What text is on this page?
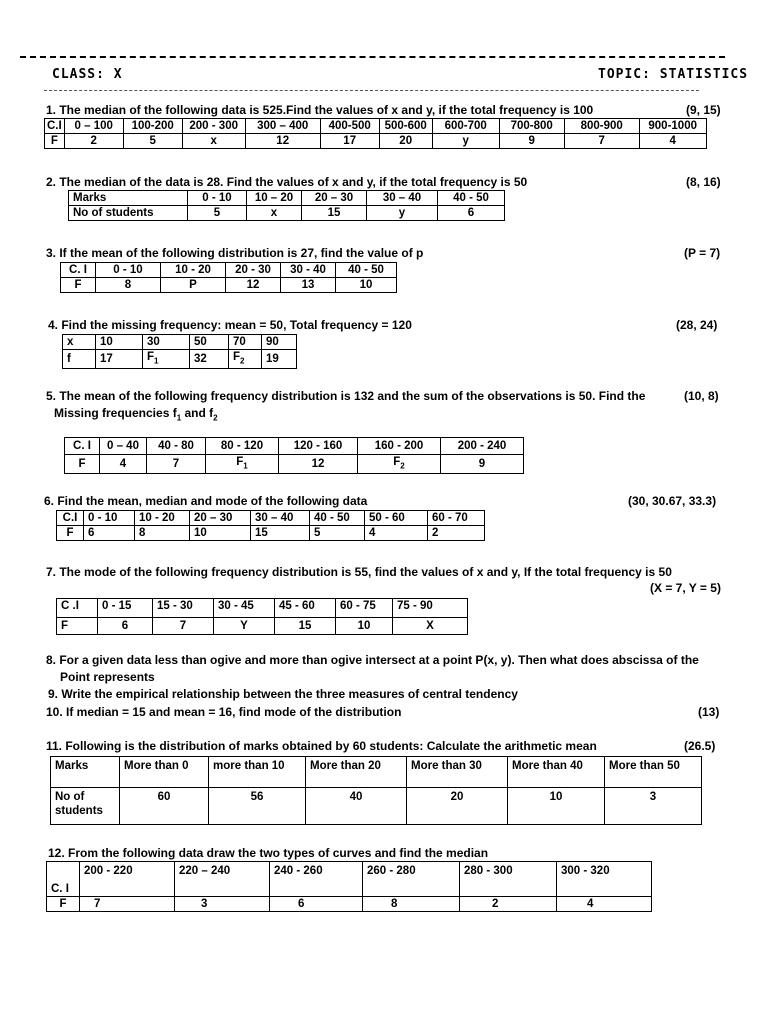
CLASS: X	TOPIC: STATISTICS
1. The median of the following data is 525.Find the values of x and y, if the total frequency is 100	(9, 15)
C.I	0 – 100	100-200	200 - 300	300 – 400	400-500	500-600	600-700	700-800	800-900	900-1000
F	2	5	x	12	17	20	y	9	7	4
2. The median of the data is 28. Find the values of x and y, if the total frequency is 50	(8, 16)
Marks	0 - 10	10 – 20	20 – 30	30 – 40	40 - 50
No of students	5	x	15	y	6
3. If the mean of the following distribution is 27, find the value of p	(P = 7)
C. I	0 - 10	10 - 20	20 - 30	30 - 40	40 - 50
F	8	P	12	13	10
4. Find the missing frequency: mean = 50, Total frequency = 120	(28, 24)
x	10	30	50	70	90
f	17	$F_1$	32	$F_2$	19
5. The mean of the following frequency distribution is 132 and the sum of the observations is 50. Find the
Missing frequencies $f_1$ and $f_2$
(10, 8)
C. I	0 – 40	40 - 80	80 - 120	120 - 160	160 - 200	200 - 240
F	4	7	$F_1$	12	$F_2$	9
6. Find the mean, median and mode of the following data	(30, 30.67, 33.3)
C.I	0 - 10	10 - 20	20 – 30	30 – 40	40 - 50	50 - 60	60 - 70
F	6	8	10	15	5	4	2
7. The mode of the following frequency distribution is 55, find the values of x and y, If the total frequency is 50
(X = 7, Y = 5)
C .I	0 - 15	15 - 30	30 - 45	45 - 60	60 - 75	75 - 90
F	6	7	Y	15	10	X
8. For a given data less than ogive and more than ogive intersect at a point P(x, y). Then what does abscissa of the
Point represents
9. Write the empirical relationship between the three measures of central tendency
10. If median = 15 and mean = 16, find mode of the distribution	(13)
11. Following is the distribution of marks obtained by 60 students: Calculate the arithmetic mean	(26.5)
Marks	More than 0	more than 10	More than 20	More than 30	More than 40	More than 50
No of students	60	56	40	20	10	3
12. From the following data draw the two types of curves and find the median
C. I	200 - 220	220 – 240	240 - 260	260 - 280	280 - 300	300 - 320
F	7	3	6	8	2	4
